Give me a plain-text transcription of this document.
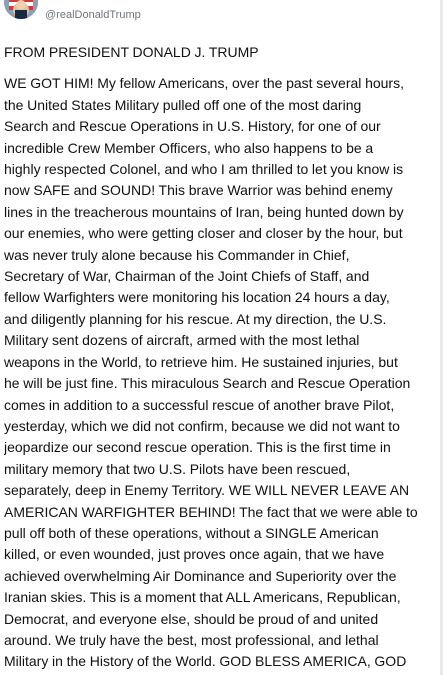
@realDonaldTrump
FROM PRESIDENT DONALD J. TRUMP
WE GOT HIM! My fellow Americans, over the past several hours,
the United States Military pulled off one of the most daring
Search and Rescue Operations in U.S. History, for one of our
incredible Crew Member Officers, who also happens to be a
highly respected Colonel, and who I am thrilled to let you know is
now SAFE and SOUND! This brave Warrior was behind enemy
lines in the treacherous mountains of Iran, being hunted down by
our enemies, who were getting closer and closer by the hour, but
was never truly alone because his Commander in Chief,
Secretary of War, Chairman of the Joint Chiefs of Staff, and
fellow Warfighters were monitoring his location 24 hours a day,
and diligently planning for his rescue. At my direction, the U.S.
Military sent dozens of aircraft, armed with the most lethal
weapons in the World, to retrieve him. He sustained injuries, but
he will be just fine. This miraculous Search and Rescue Operation
comes in addition to a successful rescue of another brave Pilot,
yesterday, which we did not confirm, because we did not want to
jeopardize our second rescue operation. This is the first time in
military memory that two U.S. Pilots have been rescued,
separately, deep in Enemy Territory. WE WILL NEVER LEAVE AN
AMERICAN WARFIGHTER BEHIND! The fact that we were able to
pull off both of these operations, without a SINGLE American
killed, or even wounded, just proves once again, that we have
achieved overwhelming Air Dominance and Superiority over the
Iranian skies. This is a moment that ALL Americans, Republican,
Democrat, and everyone else, should be proud of and united
around. We truly have the best, most professional, and lethal
Military in the History of the World. GOD BLESS AMERICA, GOD
